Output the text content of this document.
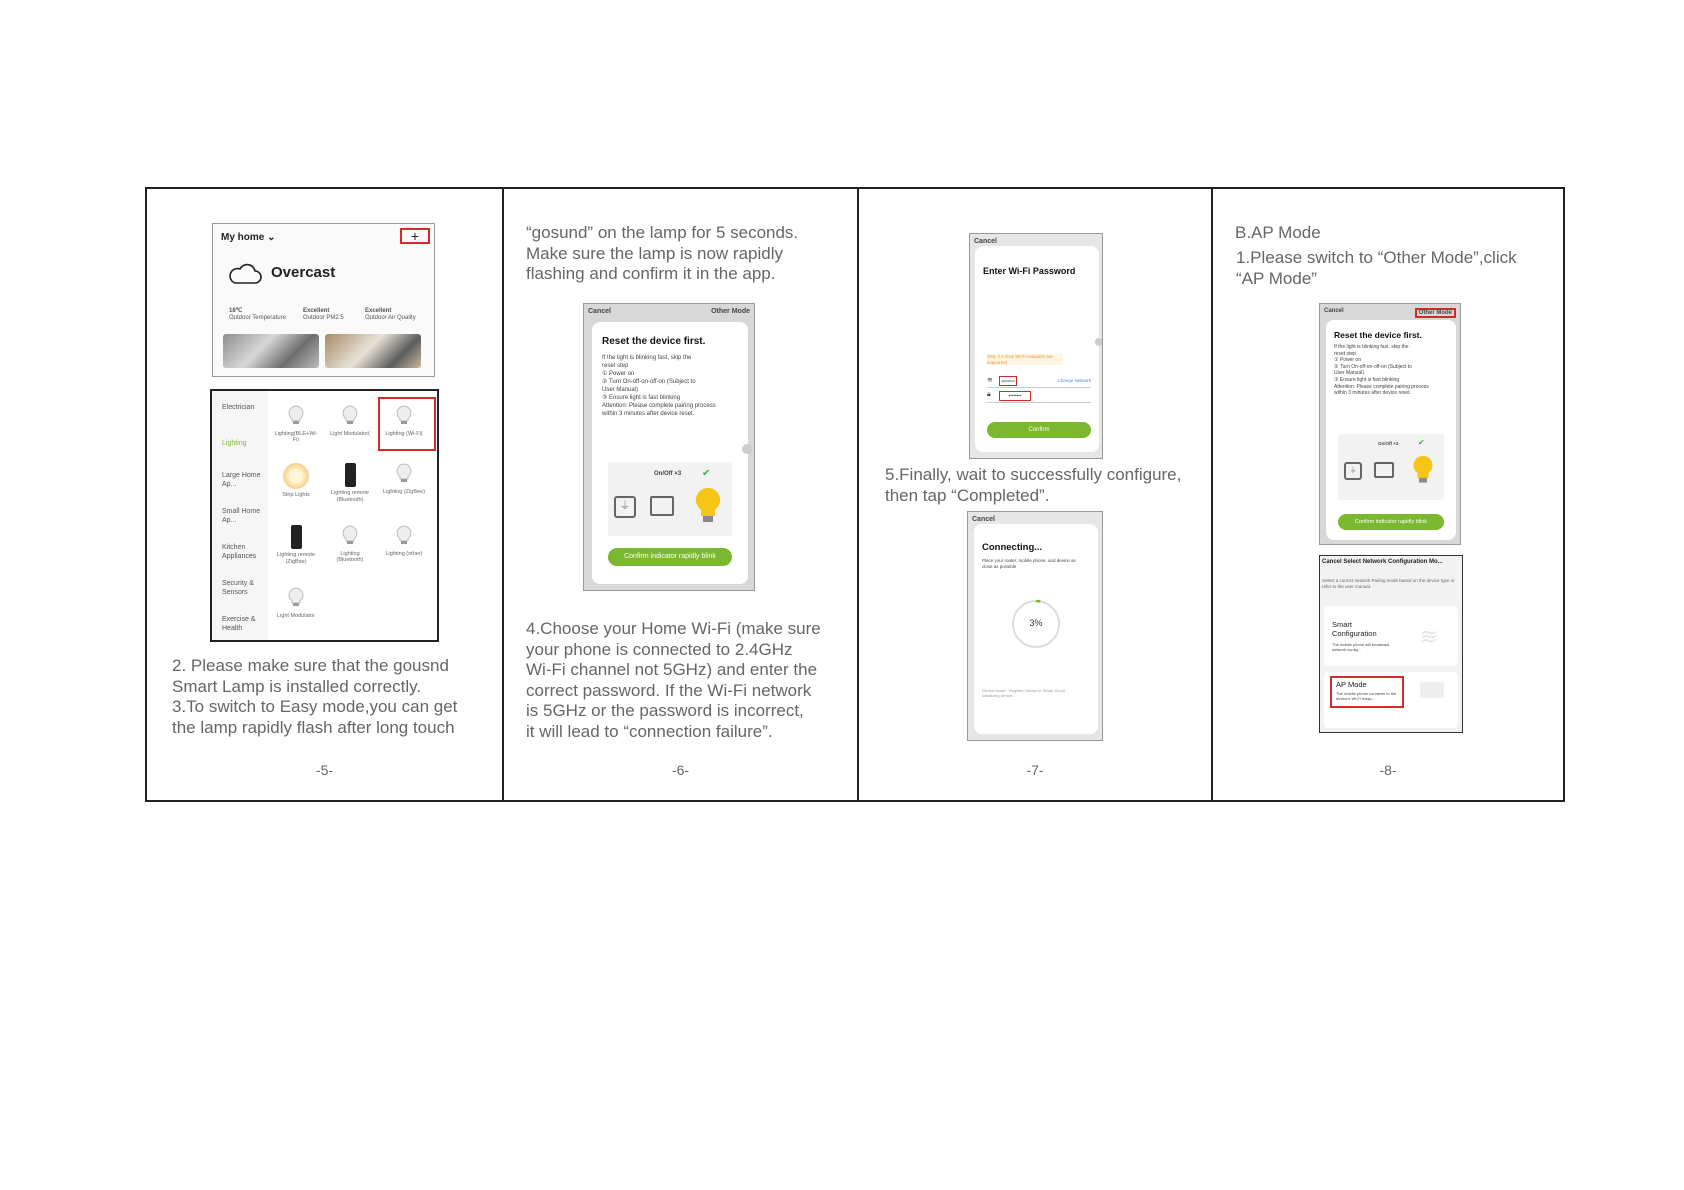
My home ⌄	+
Overcast
18℃
Outdoor Temperature
Excellent
Outdoor PM2.5
Excellent
Outdoor Air Quality
Electrician
Lighting
Large Home Ap...
Small Home Ap...
Kitchen Appliances
Security & Sensors
Exercise & Health
Lighting(BLE+Wi-Fi)
Light Modulator(	Lighting (Wi-Fi)
Strip Lights	Lighting remote (Bluetooth)
Lighting (ZigBee)
Lighting remote (ZigBee)
Lighting (Bluetooth)
Lighting (other)
Light Modulator
2. Please make sure that the gousnd
Smart Lamp is installed correctly.
3.To switch to Easy mode,you can get
the lamp rapidly flash after long touch
-5-
“gosund” on the lamp for 5 seconds.
Make sure the lamp is now rapidly
flashing and confirm it in the app.
Cancel	Other Mode
Reset the device first.
If the light is blinking fast, skip the
reset step
① Power on
② Turn On-off-on-off-on (Subject to
User Manual)
③ Ensure light is fast blinking
Attention: Please complete pairing process
within 3 minutes after device reset.
On/Off ×3
⏚
✔
Confirm indicator rapidly blink
4.Choose your Home Wi-Fi (make sure
your phone is connected to 2.4GHz
Wi-Fi channel not 5GHz) and enter the
correct password. If the Wi-Fi network
is 5GHz or the password is incorrect,
it will lead to “connection failure”.
-6-
Cancel
Enter Wi-Fi Password
Only 2.4 GHz Wi-Fi networks are supported
≋	gosund	Change Network
🔒︎	••••••••
Confirm
5.Finally, wait to successfully configure,
then tap “Completed”.
Cancel
Connecting...
Place your router, mobile phone, and device as close as possible
3%
Device found · Register Device to Smart Cloud · Initializing device...
-7-
B.AP Mode
1.Please switch to “Other Mode”,click
“AP Mode”
Cancel	Other Mode
Reset the device first.
If the light is blinking fast, skip the
reset step
① Power on
② Turn On-off-on-off-on (Subject to
User Manual)
③ Ensure light is fast blinking
Attention: Please complete pairing process
within 3 minutes after device reset.
On/Off ×3
⏚
✔
Confirm indicator rapidly blink
Cancel Select Network Configuration Mo...
Select a correct network Pairing mode based on the device type or refer to the user manual.
Smart Configuration
The mobile phone will broadcast network config...
≋
AP Mode
The mobile phone connects to the device's Wi-Fi hotsp...
-8-
